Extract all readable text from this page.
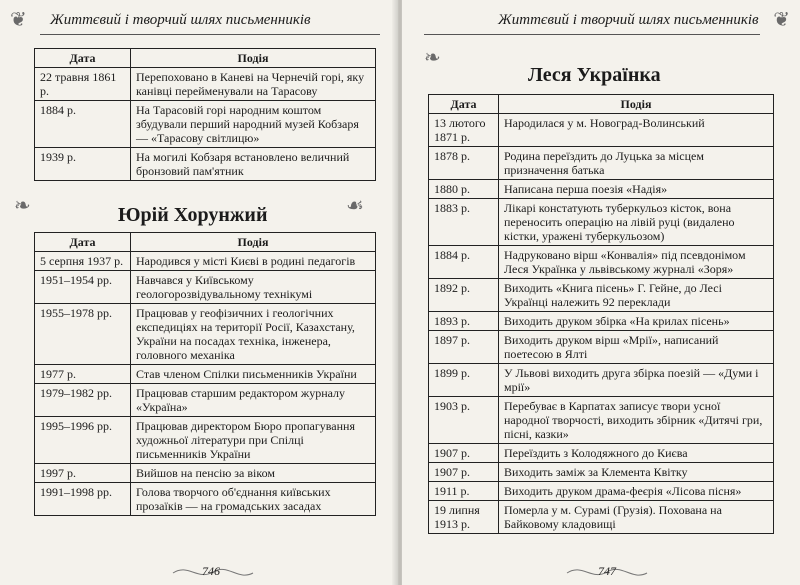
❦ Життєвий і творчий шлях письменників
Дата	Подія
22 травня 1861 р.	Перепоховано в Каневі на Чернечій горі, яку канівці перейменували на Тарасову
1884 р.	На Тарасовій горі народним коштом збудували перший народний музей Кобзаря — «Тарасову світлицю»
1939 р.	На могилі Кобзаря встановлено величний бронзовий пам'ятник
❧	☙
Юрій Хорунжий
Дата	Подія
5 серпня 1937 р.	Народився у місті Києві в родині педагогів
1951–1954 рр.	Навчався у Київському геологорозвідувальному технікумі
1955–1978 рр.	Працював у геофізичних і геологічних експедиціях на території Росії, Казахстану, України на посадах техніка, інженера, головного механіка
1977 р.	Став членом Спілки письменників України
1979–1982 рр.	Працював старшим редактором журналу «Україна»
1995–1996 рр.	Працював директором Бюро пропагування художньої літератури при Спілці письменників України
1997 р.	Вийшов на пенсію за віком
1991–1998 рр.	Голова творчого об'єднання київських прозаїків — на громадських засадах
746
Життєвий і творчий шлях письменників ❦
❧
Леся Українка
Дата	Подія
13 лютого 1871 р.	Народилася у м. Новоград-Волинський
1878 р.	Родина переїздить до Луцька за місцем призначення батька
1880 р.	Написана перша поезія «Надія»
1883 р.	Лікарі констатують туберкульоз кісток, вона переносить операцію на лівій руці (видалено кістки, уражені туберкульозом)
1884 р.	Надруковано вірш «Конвалія» під псевдонімом Леся Українка у львівському журналі «Зоря»
1892 р.	Виходить «Книга пісень» Г. Гейне, до Лесі Українці належить 92 переклади
1893 р.	Виходить друком збірка «На крилах пісень»
1897 р.	Виходить друком вірш «Мрії», написаний поетесою в Ялті
1899 р.	У Львові виходить друга збірка поезій — «Думи і мрії»
1903 р.	Перебуває в Карпатах записує твори усної народної творчості, виходить збірник «Дитячі гри, пісні, казки»
1907 р.	Переїздить з Колодяжного до Києва
1907 р.	Виходить заміж за Клемента Квітку
1911 р.	Виходить друком драма-феєрія «Лісова пісня»
19 липня 1913 р.	Померла у м. Сурамі (Грузія). Похована на Байковому кладовищі
747
